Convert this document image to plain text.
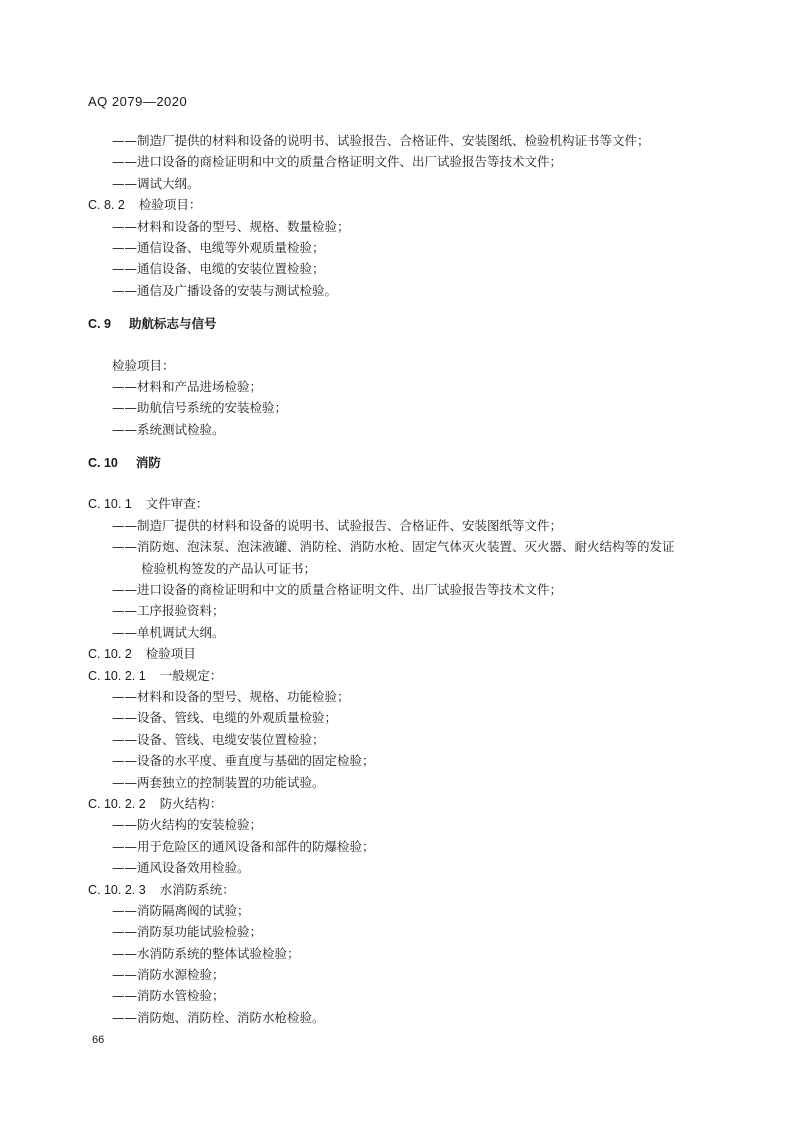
AQ 2079—2020
——制造厂提供的材料和设备的说明书、试验报告、合格证件、安装图纸、检验机构证书等文件；
——进口设备的商检证明和中文的质量合格证明文件、出厂试验报告等技术文件；
——调试大纲。
C. 8. 2 检验项目：
——材料和设备的型号、规格、数量检验；
——通信设备、电缆等外观质量检验；
——通信设备、电缆的安装位置检验；
——通信及广播设备的安装与测试检验。
C. 9 助航标志与信号
检验项目：
——材料和产品进场检验；
——助航信号系统的安装检验；
——系统测试检验。
C. 10 消防
C. 10. 1 文件审查：
——制造厂提供的材料和设备的说明书、试验报告、合格证件、安装图纸等文件；
——消防炮、泡沫泵、泡沫液罐、消防栓、消防水枪、固定气体灭火装置、灭火器、耐火结构等的发证
检验机构签发的产品认可证书；
——进口设备的商检证明和中文的质量合格证明文件、出厂试验报告等技术文件；
——工序报验资料；
——单机调试大纲。
C. 10. 2 检验项目
C. 10. 2. 1 一般规定：
——材料和设备的型号、规格、功能检验；
——设备、管线、电缆的外观质量检验；
——设备、管线、电缆安装位置检验；
——设备的水平度、垂直度与基础的固定检验；
——两套独立的控制装置的功能试验。
C. 10. 2. 2 防火结构：
——防火结构的安装检验；
——用于危险区的通风设备和部件的防爆检验；
——通风设备效用检验。
C. 10. 2. 3 水消防系统：
——消防隔离阀的试验；
——消防泵功能试验检验；
——水消防系统的整体试验检验；
——消防水源检验；
——消防水管检验；
——消防炮、消防栓、消防水枪检验。
66
